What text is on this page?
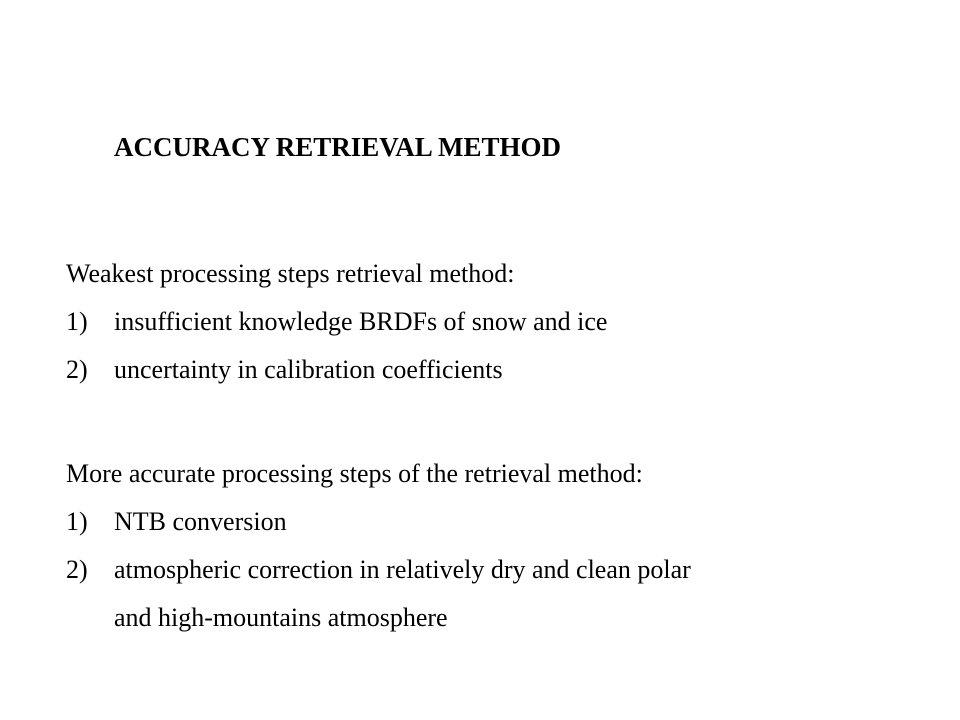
ACCURACY RETRIEVAL METHOD
Weakest processing steps retrieval method:
1)	insufficient knowledge BRDFs of snow and ice
2)	uncertainty in calibration coefficients
More accurate processing steps of the retrieval method:
1)	NTB conversion
2)	atmospheric correction in relatively dry and clean polar
and high-mountains atmosphere
